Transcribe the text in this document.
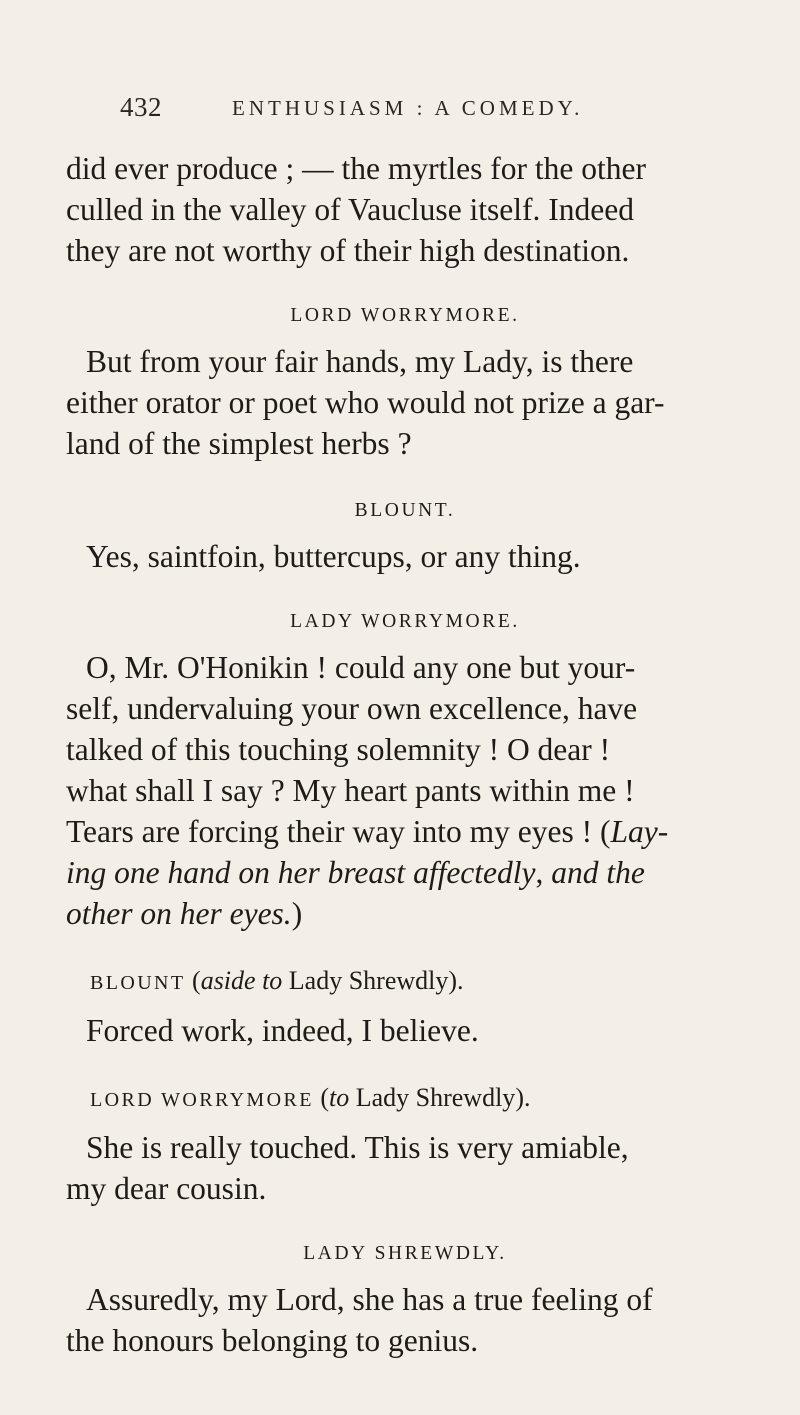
432	ENTHUSIASM : A COMEDY.

did ever produce ; — the myrtles for the other

culled in the valley of Vaucluse itself. Indeed

they are not worthy of their high destination.

LORD WORRYMORE.

But from your fair hands, my Lady, is there

either orator or poet who would not prize a gar-

land of the simplest herbs ?

BLOUNT.

Yes, saintfoin, buttercups, or any thing.

LADY WORRYMORE.

O, Mr. O'Honikin ! could any one but your-

self, undervaluing your own excellence, have

talked of this touching solemnity ! O dear !

what shall I say ? My heart pants within me !

Tears are forcing their way into my eyes ! (Lay-

ing one hand on her breast affectedly, and the

other on her eyes.)

BLOUNT (aside to Lady Shrewdly).

Forced work, indeed, I believe.

LORD WORRYMORE (to Lady Shrewdly).

She is really touched. This is very amiable,

my dear cousin.

LADY SHREWDLY.

Assuredly, my Lord, she has a true feeling of

the honours belonging to genius.
